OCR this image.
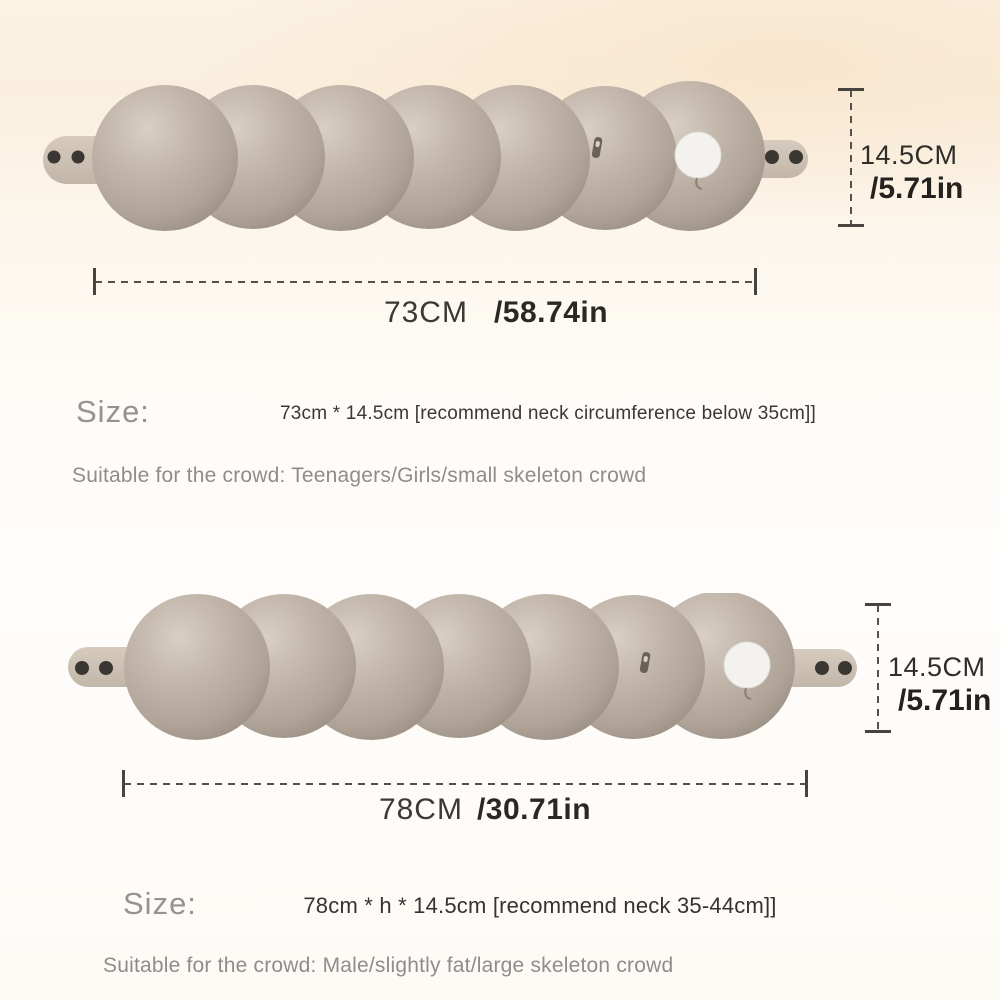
14.5CM
/5.71in
73CM /58.74in
Size:	73cm * 14.5cm [recommend neck circumference below 35cm]]
Suitable for the crowd: Teenagers/Girls/small skeleton crowd
14.5CM
/5.71in
78CM /30.71in
Size:	78cm * h * 14.5cm [recommend neck 35-44cm]]
Suitable for the crowd: Male/slightly fat/large skeleton crowd
